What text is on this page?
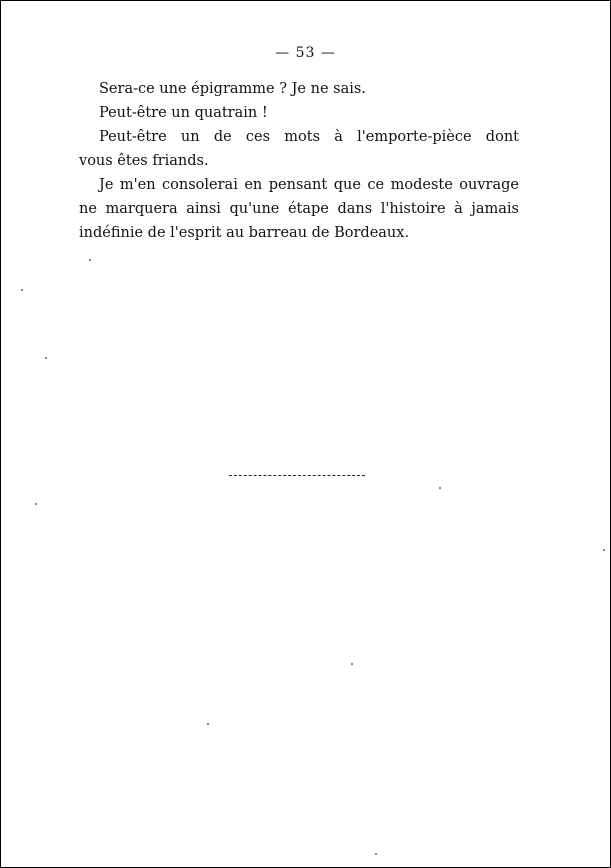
— 53 —

Sera-ce une épigramme ? Je ne sais.

Peut-être un quatrain !

Peut-être un de ces mots à l'emporte-pièce dont
vous êtes friands.

Je m'en consolerai en pensant que ce modeste ouvrage
ne marquera ainsi qu'une étape dans l'histoire à jamais
indéfinie de l'esprit au barreau de Bordeaux.
